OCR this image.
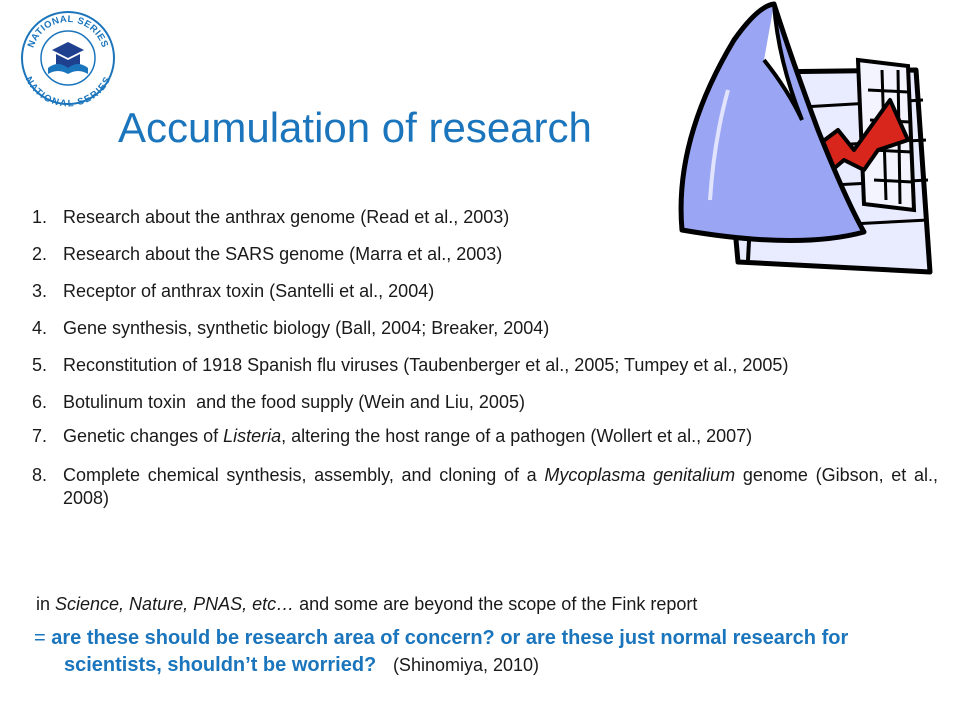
NATIONAL SERIES
NATIONAL SERIES
Accumulation of research
1. Research about the anthrax genome (Read et al., 2003)
2. Research about the SARS genome (Marra et al., 2003)
3. Receptor of anthrax toxin (Santelli et al., 2004)
4. Gene synthesis, synthetic biology (Ball, 2004; Breaker, 2004)
5. Reconstitution of 1918 Spanish flu viruses (Taubenberger et al., 2005; Tumpey et al., 2005)
6. Botulinum toxin  and the food supply (Wein and Liu, 2005)
7. Genetic changes of Listeria, altering the host range of a pathogen (Wollert et al., 2007)
8. Complete chemical synthesis, assembly, and cloning of a Mycoplasma genitalium genome (Gibson, et al., 2008)
in Science, Nature, PNAS, etc… and some are beyond the scope of the Fink report
= are these should be research area of concern? or are these just normal research for scientists, shouldn’t be worried? (Shinomiya, 2010)
